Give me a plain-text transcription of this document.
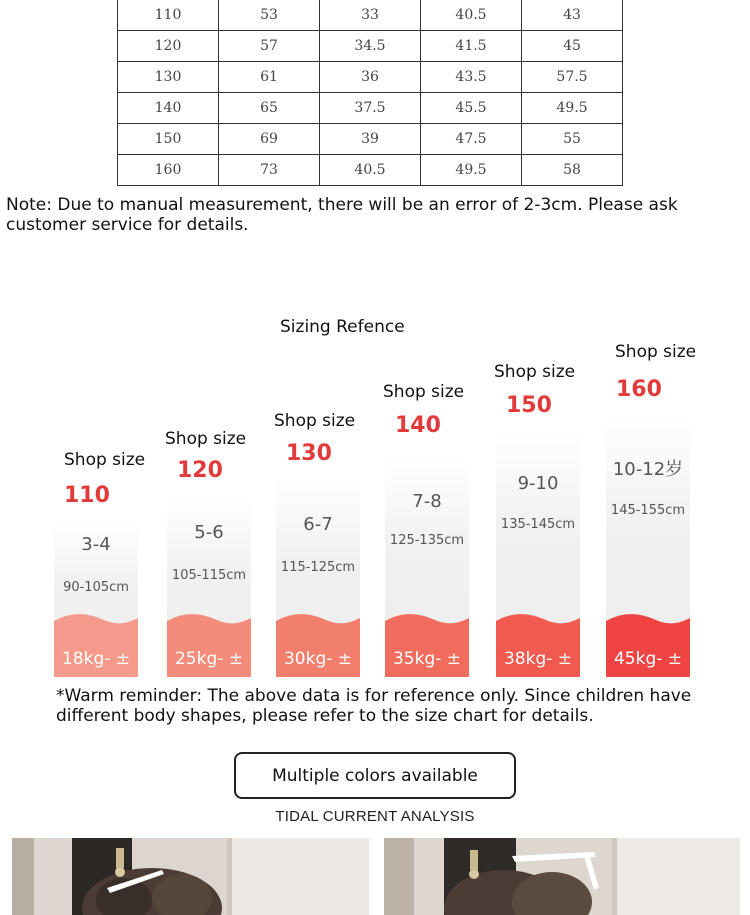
110	53	33	40.5	43
120	57	34.5	41.5	45
130	61	36	43.5	57.5
140	65	37.5	45.5	49.5
150	69	39	47.5	55
160	73	40.5	49.5	58

Note: Due to manual measurement, there will be an error of 2-3cm. Please ask customer service for details.

Sizing Refence
Shop size
110
3-4
90-105cm
18kg- ±
Shop size
120
5-6
105-115cm
25kg- ±
Shop size
130
6-7
115-125cm
30kg- ±
Shop size
140
7-8
125-135cm
35kg- ±
Shop size
150
9-10
135-145cm
38kg- ±
Shop size
160
10-12岁
145-155cm
45kg- ±

*Warm reminder: The above data is for reference only. Since children have different body shapes, please refer to the size chart for details.

Multiple colors available
TIDAL CURRENT ANALYSIS
